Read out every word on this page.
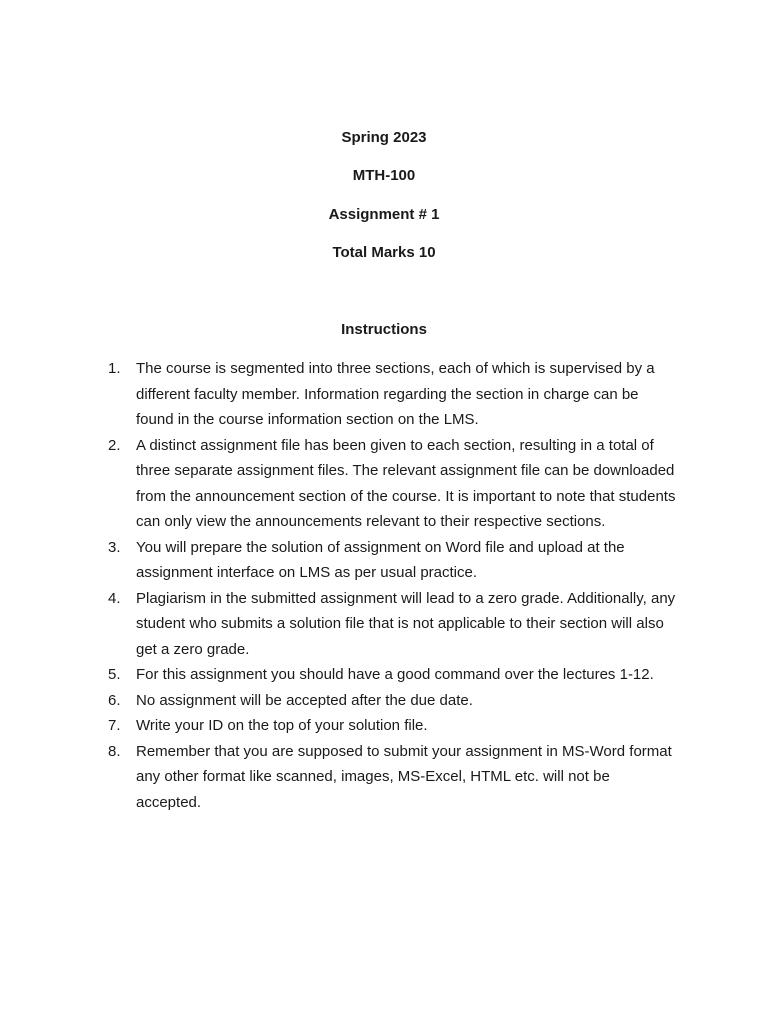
Spring 2023

MTH-100

Assignment # 1

Total Marks 10

Instructions

1.	The course is segmented into three sections, each of which is supervised by a different faculty member. Information regarding the section in charge can be found in the course information section on the LMS.
2.	A distinct assignment file has been given to each section, resulting in a total of three separate assignment files. The relevant assignment file can be downloaded from the announcement section of the course. It is important to note that students can only view the announcements relevant to their respective sections.
3.	You will prepare the solution of assignment on Word file and upload at the assignment interface on LMS as per usual practice.
4.	Plagiarism in the submitted assignment will lead to a zero grade. Additionally, any student who submits a solution file that is not applicable to their section will also get a zero grade.
5.	For this assignment you should have a good command over the lectures 1-12.
6.	No assignment will be accepted after the due date.
7.	Write your ID on the top of your solution file.
8.	Remember that you are supposed to submit your assignment in MS-Word format any other format like scanned, images, MS-Excel, HTML etc. will not be accepted.
